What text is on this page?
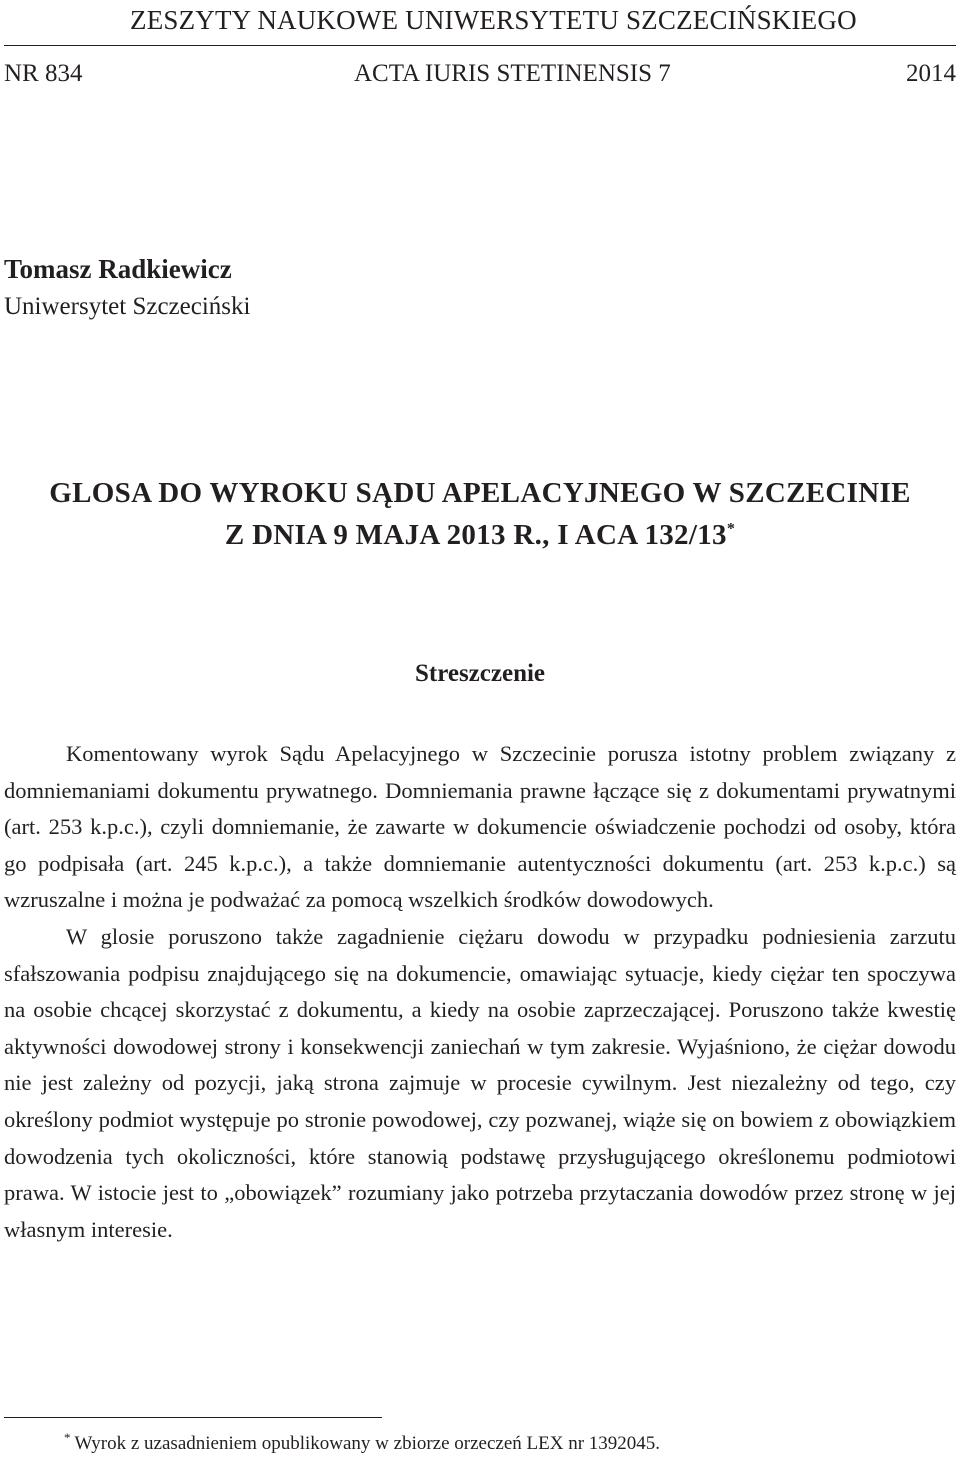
ZESZYTY NAUKOWE UNIWERSYTETU SZCZECIŃSKIEGO
NR 834	ACTA IURIS STETINENSIS 7	2014
Tomasz Radkiewicz
Uniwersytet Szczeciński
GLOSA DO WYROKU SĄDU APELACYJNEGO W SZCZECINIE
Z DNIA 9 MAJA 2013 R., I ACA 132/13*
Streszczenie

Komentowany wyrok Sądu Apelacyjnego w Szczecinie porusza istotny problem związany z domniemaniami dokumentu prywatnego. Domniemania prawne łączące się z dokumentami prywatnymi (art. 253 k.p.c.), czyli domniemanie, że zawarte w dokumencie oświadczenie pochodzi od osoby, która go podpisała (art. 245 k.p.c.), a także domniemanie autentyczności dokumentu (art. 253 k.p.c.) są wzruszalne i można je podważać za pomocą wszelkich środków dowodowych.

W glosie poruszono także zagadnienie ciężaru dowodu w przypadku podniesienia zarzutu sfałszowania podpisu znajdującego się na dokumencie, omawiając sytuacje, kiedy ciężar ten spoczywa na osobie chcącej skorzystać z dokumentu, a kiedy na osobie zaprzeczającej. Poruszono także kwestię aktywności dowodowej strony i konsekwencji zaniechań w tym zakresie. Wyjaśniono, że ciężar dowodu nie jest zależny od pozycji, jaką strona zajmuje w procesie cywilnym. Jest niezależny od tego, czy określony podmiot występuje po stronie powodowej, czy pozwanej, wiąże się on bowiem z obowiązkiem dowodzenia tych okoliczności, które stanowią podstawę przysługującego określonemu podmiotowi prawa. W istocie jest to „obowiązek” rozumiany jako potrzeba przytaczania dowodów przez stronę w jej własnym interesie.

* Wyrok z uzasadnieniem opublikowany w zbiorze orzeczeń LEX nr 1392045.
